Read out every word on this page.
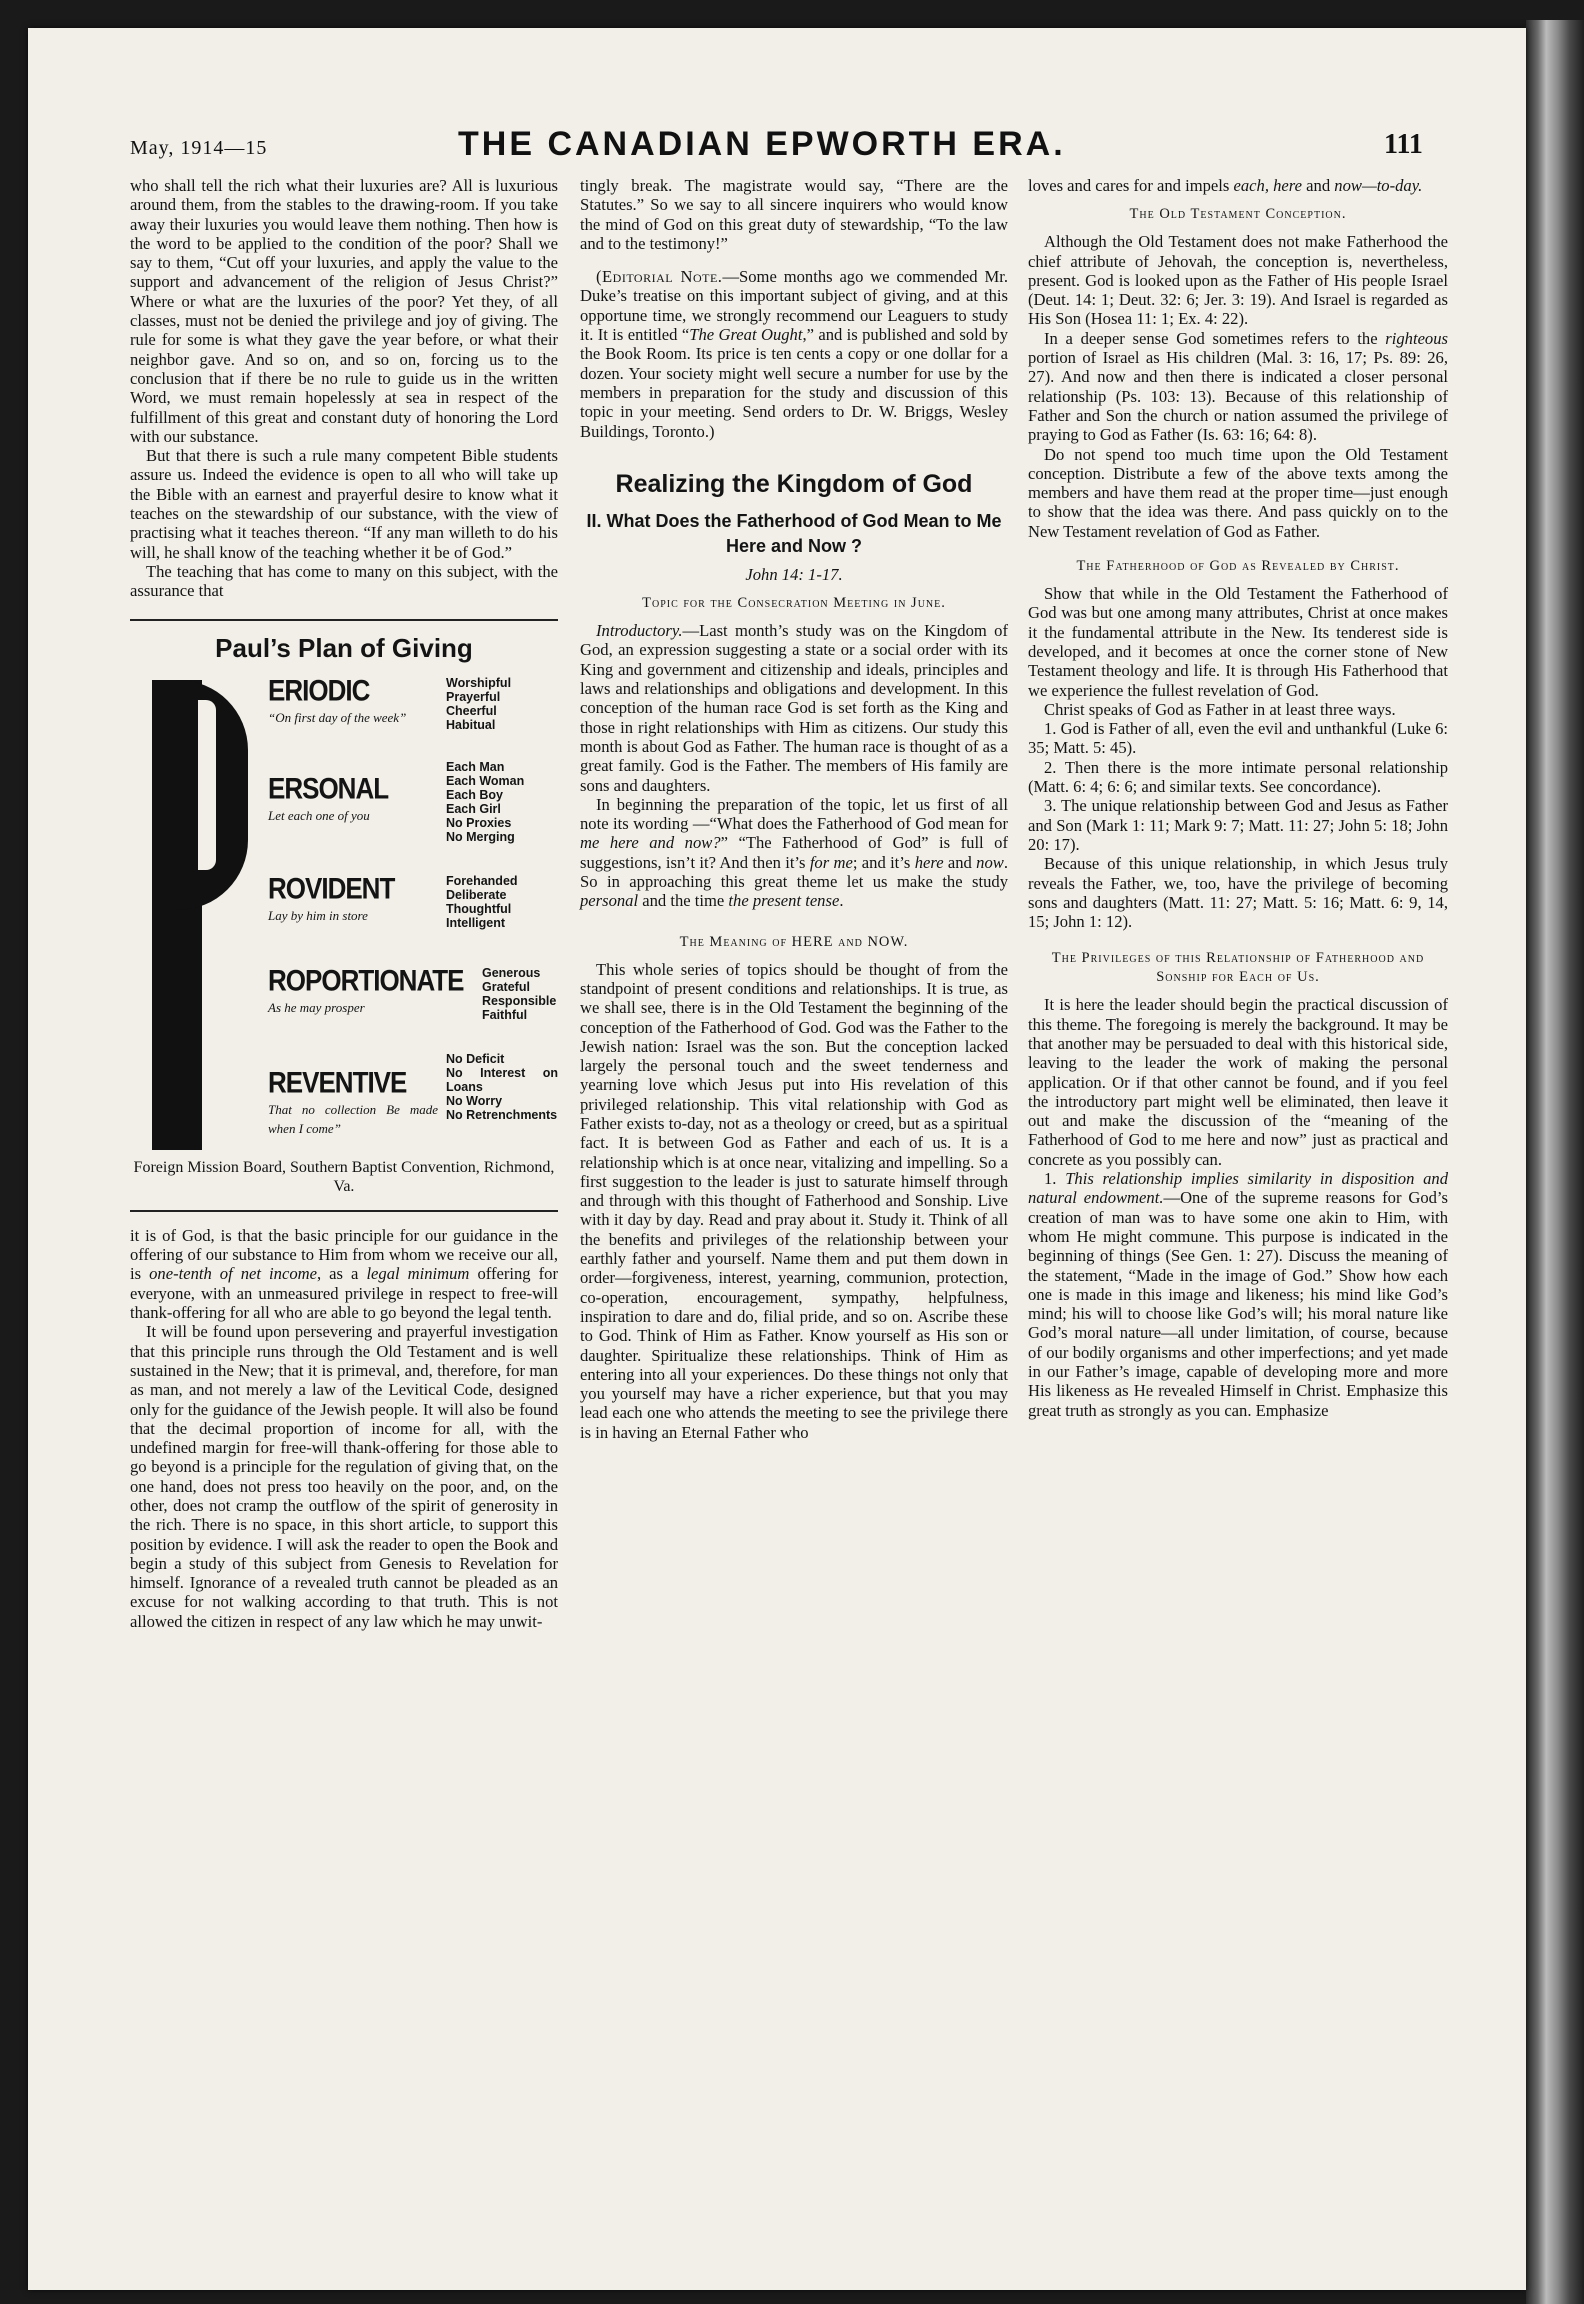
May, 1914—15	THE CANADIAN EPWORTH ERA.	111

who shall tell the rich what their luxuries are? All is luxurious around them, from the stables to the drawing-room. If you take away their luxuries you would leave them nothing. Then how is the word to be applied to the condition of the poor? Shall we say to them, “Cut off your luxuries, and apply the value to the support and advancement of the religion of Jesus Christ?” Where or what are the luxuries of the poor? Yet they, of all classes, must not be denied the privilege and joy of giving. The rule for some is what they gave the year before, or what their neighbor gave. And so on, and so on, forcing us to the conclusion that if there be no rule to guide us in the written Word, we must remain hopelessly at sea in respect of the fulfillment of this great and constant duty of honoring the Lord with our substance.

But that there is such a rule many competent Bible students assure us. Indeed the evidence is open to all who will take up the Bible with an earnest and prayerful desire to know what it teaches on the stewardship of our substance, with the view of practising what it teaches thereon. “If any man willeth to do his will, he shall know of the teaching whether it be of God.”

The teaching that has come to many on this subject, with the assurance that

Paul’s Plan of Giving
ERIODIC
“On first day of the week”
Worshipful
Prayerful
Cheerful
Habitual
ERSONAL
Let each one of you
Each Man
Each Woman
Each Boy
Each Girl
No Proxies
No Merging
ROVIDENT
Lay by him in store
Forehanded
Deliberate
Thoughtful
Intelligent
ROPORTIONATE
As he may prosper
Generous
Grateful
Responsible
Faithful
REVENTIVE
That no collection Be made when I come”
No Deficit
No Interest on Loans
No Worry
No Retrenchments
Foreign Mission Board, Southern Baptist Convention, Richmond, Va.

it is of God, is that the basic principle for our guidance in the offering of our substance to Him from whom we receive our all, is one-tenth of net income, as a legal minimum offering for everyone, with an unmeasured privilege in respect to free-will thank-offering for all who are able to go beyond the legal tenth.

It will be found upon persevering and prayerful investigation that this principle runs through the Old Testament and is well sustained in the New; that it is primeval, and, therefore, for man as man, and not merely a law of the Levitical Code, designed only for the guidance of the Jewish people. It will also be found that the decimal proportion of income for all, with the undefined margin for free-will thank-offering for those able to go beyond is a principle for the regulation of giving that, on the one hand, does not press too heavily on the poor, and, on the other, does not cramp the outflow of the spirit of generosity in the rich. There is no space, in this short article, to support this position by evidence. I will ask the reader to open the Book and begin a study of this subject from Genesis to Revelation for himself. Ignorance of a revealed truth cannot be pleaded as an excuse for not walking according to that truth. This is not allowed the citizen in respect of any law which he may unwit-

tingly break. The magistrate would say, “There are the Statutes.” So we say to all sincere inquirers who would know the mind of God on this great duty of stewardship, “To the law and to the testimony!”

(Editorial Note.—Some months ago we commended Mr. Duke’s treatise on this important subject of giving, and at this opportune time, we strongly recommend our Leaguers to study it. It is entitled “The Great Ought,” and is published and sold by the Book Room. Its price is ten cents a copy or one dollar for a dozen. Your society might well secure a number for use by the members in preparation for the study and discussion of this topic in your meeting. Send orders to Dr. W. Briggs, Wesley Buildings, Toronto.)

Realizing the Kingdom of God
II. What Does the Fatherhood of God Mean to Me Here and Now ?
John 14: 1-17.
Topic for the Consecration Meeting in June.

Introductory.—Last month’s study was on the Kingdom of God, an expression suggesting a state or a social order with its King and government and citizenship and ideals, principles and laws and relationships and obligations and development. In this conception of the human race God is set forth as the King and those in right relationships with Him as citizens. Our study this month is about God as Father. The human race is thought of as a great family. God is the Father. The members of His family are sons and daughters.

In beginning the preparation of the topic, let us first of all note its wording —“What does the Fatherhood of God mean for me here and now?” “The Fatherhood of God” is full of suggestions, isn’t it? And then it’s for me; and it’s here and now. So in approaching this great theme let us make the study personal and the time the present tense.

The Meaning of HERE and NOW.

This whole series of topics should be thought of from the standpoint of present conditions and relationships. It is true, as we shall see, there is in the Old Testament the beginning of the conception of the Fatherhood of God. God was the Father to the Jewish nation: Israel was the son. But the conception lacked largely the personal touch and the sweet tenderness and yearning love which Jesus put into His revelation of this privileged relationship. This vital relationship with God as Father exists to-day, not as a theology or creed, but as a spiritual fact. It is between God as Father and each of us. It is a relationship which is at once near, vitalizing and impelling. So a first suggestion to the leader is just to saturate himself through and through with this thought of Fatherhood and Sonship. Live with it day by day. Read and pray about it. Study it. Think of all the benefits and privileges of the relationship between your earthly father and yourself. Name them and put them down in order—forgiveness, interest, yearning, communion, protection, co-operation, encouragement, sympathy, helpfulness, inspiration to dare and do, filial pride, and so on. Ascribe these to God. Think of Him as Father. Know yourself as His son or daughter. Spiritualize these relationships. Think of Him as entering into all your experiences. Do these things not only that you yourself may have a richer experience, but that you may lead each one who attends the meeting to see the privilege there is in having an Eternal Father who

loves and cares for and impels each, here and now—to-day.

The Old Testament Conception.

Although the Old Testament does not make Fatherhood the chief attribute of Jehovah, the conception is, nevertheless, present. God is looked upon as the Father of His people Israel (Deut. 14: 1; Deut. 32: 6; Jer. 3: 19). And Israel is regarded as His Son (Hosea 11: 1; Ex. 4: 22).

In a deeper sense God sometimes refers to the righteous portion of Israel as His children (Mal. 3: 16, 17; Ps. 89: 26, 27). And now and then there is indicated a closer personal relationship (Ps. 103: 13). Because of this relationship of Father and Son the church or nation assumed the privilege of praying to God as Father (Is. 63: 16; 64: 8).

Do not spend too much time upon the Old Testament conception. Distribute a few of the above texts among the members and have them read at the proper time—just enough to show that the idea was there. And pass quickly on to the New Testament revelation of God as Father.

The Fatherhood of God as Revealed by Christ.

Show that while in the Old Testament the Fatherhood of God was but one among many attributes, Christ at once makes it the fundamental attribute in the New. Its tenderest side is developed, and it becomes at once the corner stone of New Testament theology and life. It is through His Fatherhood that we experience the fullest revelation of God.

Christ speaks of God as Father in at least three ways.

1. God is Father of all, even the evil and unthankful (Luke 6: 35; Matt. 5: 45).

2. Then there is the more intimate personal relationship (Matt. 6: 4; 6: 6; and similar texts. See concordance).

3. The unique relationship between God and Jesus as Father and Son (Mark 1: 11; Mark 9: 7; Matt. 11: 27; John 5: 18; John 20: 17).

Because of this unique relationship, in which Jesus truly reveals the Father, we, too, have the privilege of becoming sons and daughters (Matt. 11: 27; Matt. 5: 16; Matt. 6: 9, 14, 15; John 1: 12).

The Privileges of this Relationship of Fatherhood and Sonship for Each of Us.

It is here the leader should begin the practical discussion of this theme. The foregoing is merely the background. It may be that another may be persuaded to deal with this historical side, leaving to the leader the work of making the personal application. Or if that other cannot be found, and if you feel the introductory part might well be eliminated, then leave it out and make the discussion of the “meaning of the Fatherhood of God to me here and now” just as practical and concrete as you possibly can.

1. This relationship implies similarity in disposition and natural endowment.—One of the supreme reasons for God’s creation of man was to have some one akin to Him, with whom He might commune. This purpose is indicated in the beginning of things (See Gen. 1: 27). Discuss the meaning of the statement, “Made in the image of God.” Show how each one is made in this image and likeness; his mind like God’s mind; his will to choose like God’s will; his moral nature like God’s moral nature—all under limitation, of course, because of our bodily organisms and other imperfections; and yet made in our Father’s image, capable of developing more and more His likeness as He revealed Himself in Christ. Emphasize this great truth as strongly as you can. Emphasize
